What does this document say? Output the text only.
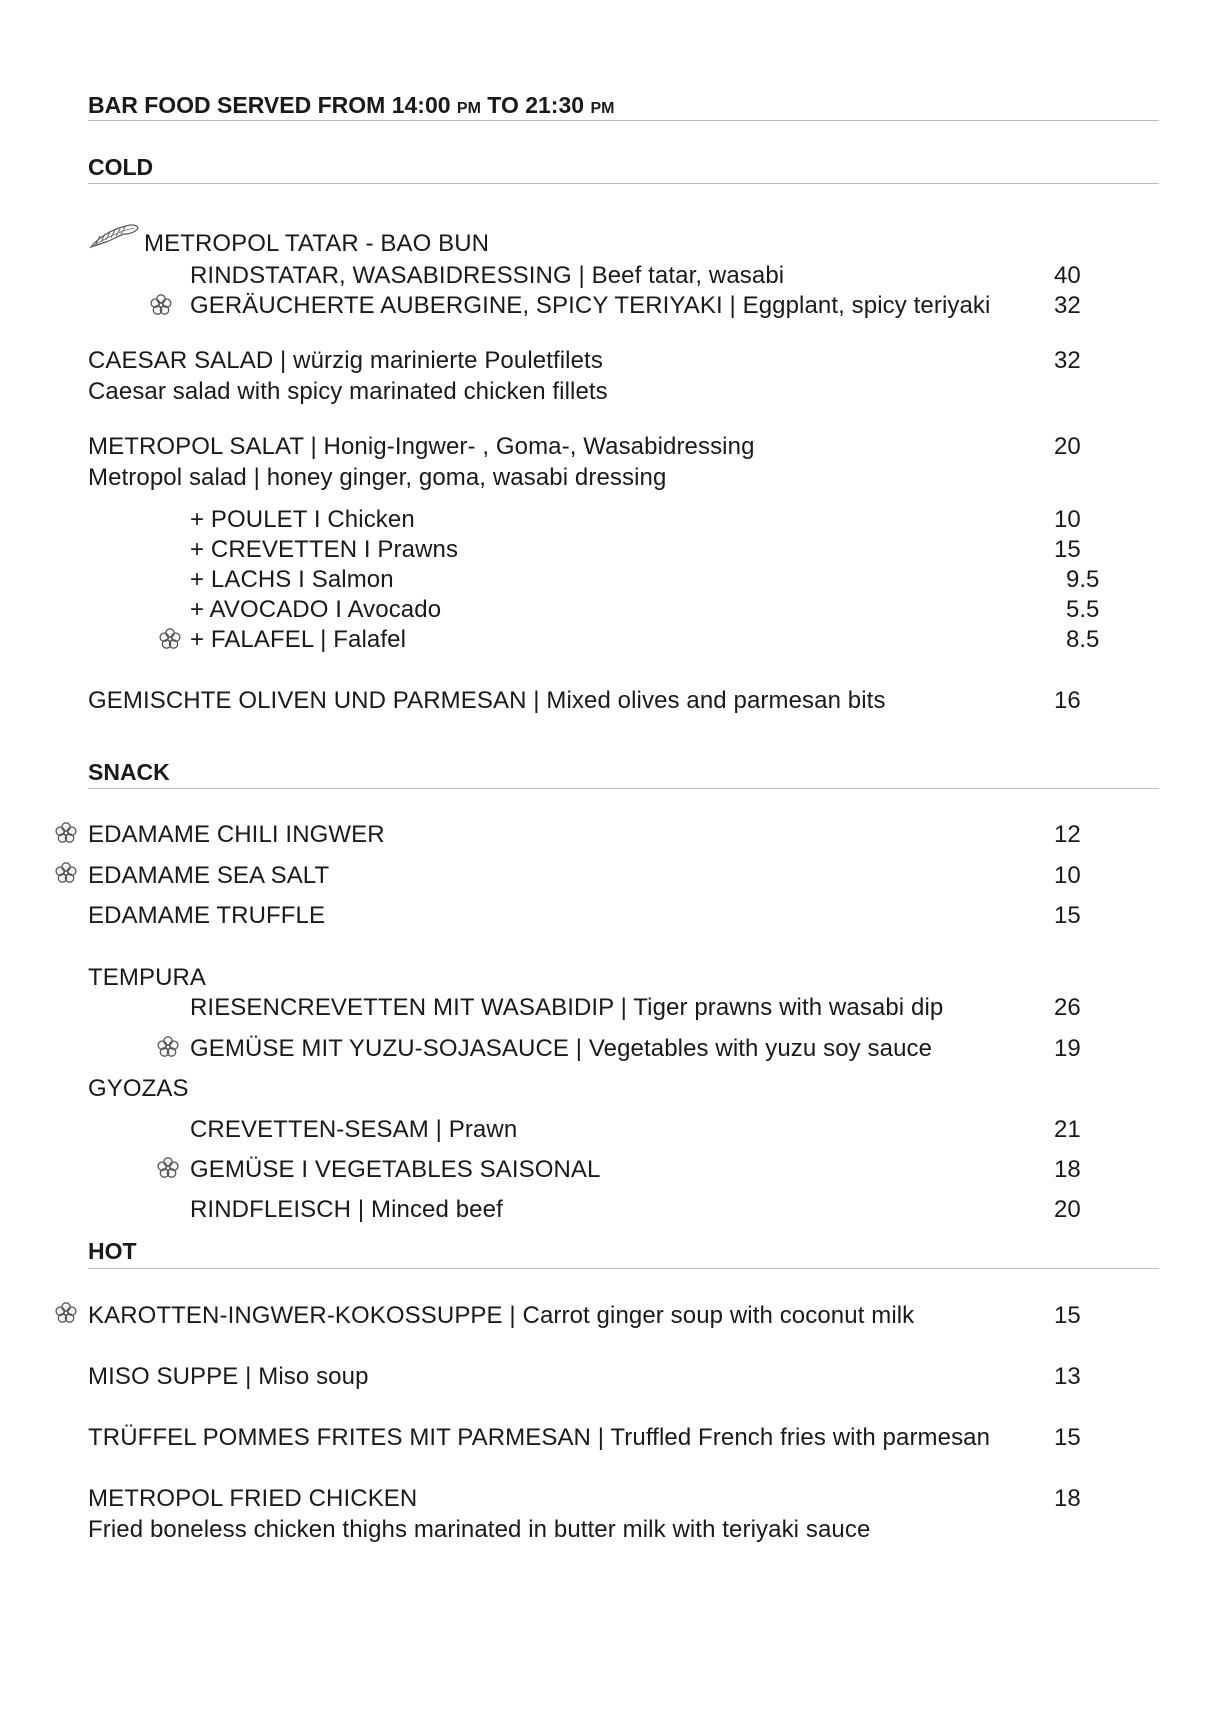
BAR FOOD SERVED FROM 14:00 PM TO 21:30 PM
COLD
METROPOL TATAR - BAO BUN
RINDSTATAR, WASABIDRESSING | Beef tatar, wasabi	40
GERÄUCHERTE AUBERGINE, SPICY TERIYAKI | Eggplant, spicy teriyaki	32
CAESAR SALAD | würzig marinierte Pouletfilets	32
Caesar salad with spicy marinated chicken fillets
METROPOL SALAT | Honig-Ingwer- , Goma-, Wasabidressing	20
Metropol salad | honey ginger, goma, wasabi dressing
+ POULET I Chicken	10
+ CREVETTEN I Prawns	15
+ LACHS I Salmon	9.5
+ AVOCADO I Avocado	5.5
+ FALAFEL | Falafel	8.5
GEMISCHTE OLIVEN UND PARMESAN | Mixed olives and parmesan bits	16
SNACK
EDAMAME CHILI INGWER	12
EDAMAME SEA SALT	10
EDAMAME TRUFFLE	15
TEMPURA
RIESENCREVETTEN MIT WASABIDIP | Tiger prawns with wasabi dip	26
GEMÜSE MIT YUZU-SOJASAUCE | Vegetables with yuzu soy sauce	19
GYOZAS
CREVETTEN-SESAM | Prawn	21
GEMÜSE I VEGETABLES SAISONAL	18
RINDFLEISCH | Minced beef	20
HOT
KAROTTEN-INGWER-KOKOSSUPPE | Carrot ginger soup with coconut milk	15
MISO SUPPE | Miso soup	13
TRÜFFEL POMMES FRITES MIT PARMESAN | Truffled French fries with parmesan	15
METROPOL FRIED CHICKEN	18
Fried boneless chicken thighs marinated in butter milk with teriyaki sauce
